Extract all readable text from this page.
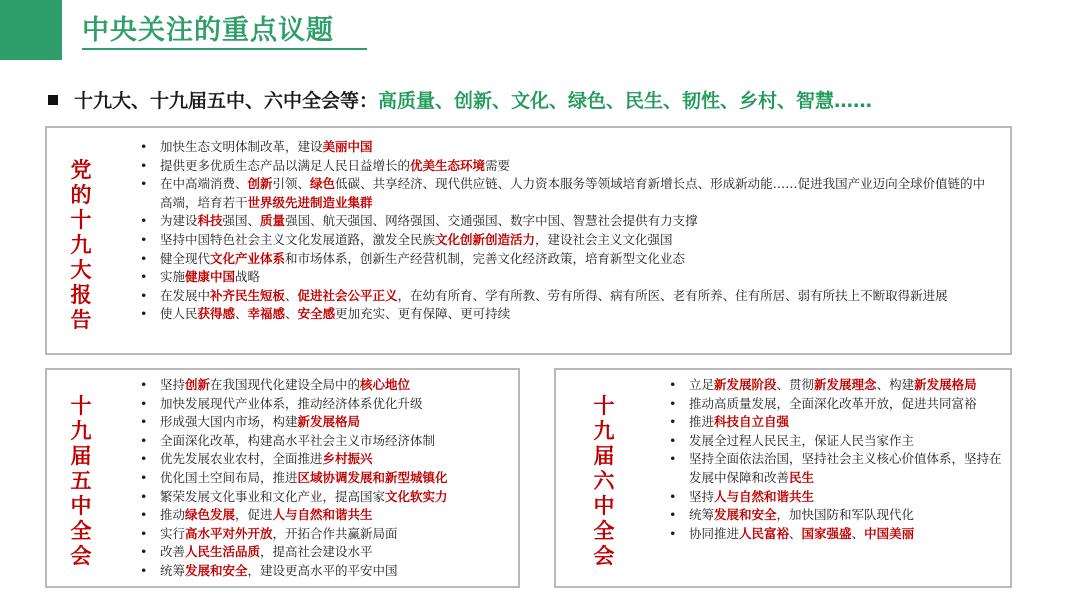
中央关注的重点议题
十九大、十九届五中、六中全会等：高质量、创新、文化、绿色、民生、韧性、乡村、智慧……
党
的
十
九
大
报
告
• 加快生态文明体制改革，建设美丽中国
• 提供更多优质生态产品以满足人民日益增长的优美生态环境需要
• 在中高端消费、创新引领、绿色低碳、共享经济、现代供应链、人力资本服务等领域培育新增长点、形成新动能……促进我国产业迈向全球价值链的中高端，培育若干世界级先进制造业集群
• 为建设科技强国、质量强国、航天强国、网络强国、交通强国、数字中国、智慧社会提供有力支撑
• 坚持中国特色社会主义文化发展道路，激发全民族文化创新创造活力，建设社会主义文化强国
• 健全现代文化产业体系和市场体系，创新生产经营机制，完善文化经济政策，培育新型文化业态
• 实施健康中国战略
• 在发展中补齐民生短板、促进社会公平正义，在幼有所育、学有所教、劳有所得、病有所医、老有所养、住有所居、弱有所扶上不断取得新进展
• 使人民获得感、幸福感、安全感更加充实、更有保障、更可持续
十
九
届
五
中
全
会
• 坚持创新在我国现代化建设全局中的核心地位
• 加快发展现代产业体系，推动经济体系优化升级
• 形成强大国内市场，构建新发展格局
• 全面深化改革，构建高水平社会主义市场经济体制
• 优先发展农业农村，全面推进乡村振兴
• 优化国土空间布局，推进区域协调发展和新型城镇化
• 繁荣发展文化事业和文化产业，提高国家文化软实力
• 推动绿色发展，促进人与自然和谐共生
• 实行高水平对外开放，开拓合作共赢新局面
• 改善人民生活品质，提高社会建设水平
• 统筹发展和安全，建设更高水平的平安中国
十
九
届
六
中
全
会
• 立足新发展阶段、贯彻新发展理念、构建新发展格局
• 推动高质量发展，全面深化改革开放，促进共同富裕
• 推进科技自立自强
• 发展全过程人民民主，保证人民当家作主
• 坚持全面依法治国，坚持社会主义核心价值体系，坚持在发展中保障和改善民生
• 坚持人与自然和谐共生
• 统筹发展和安全，加快国防和军队现代化
• 协同推进人民富裕、国家强盛、中国美丽
